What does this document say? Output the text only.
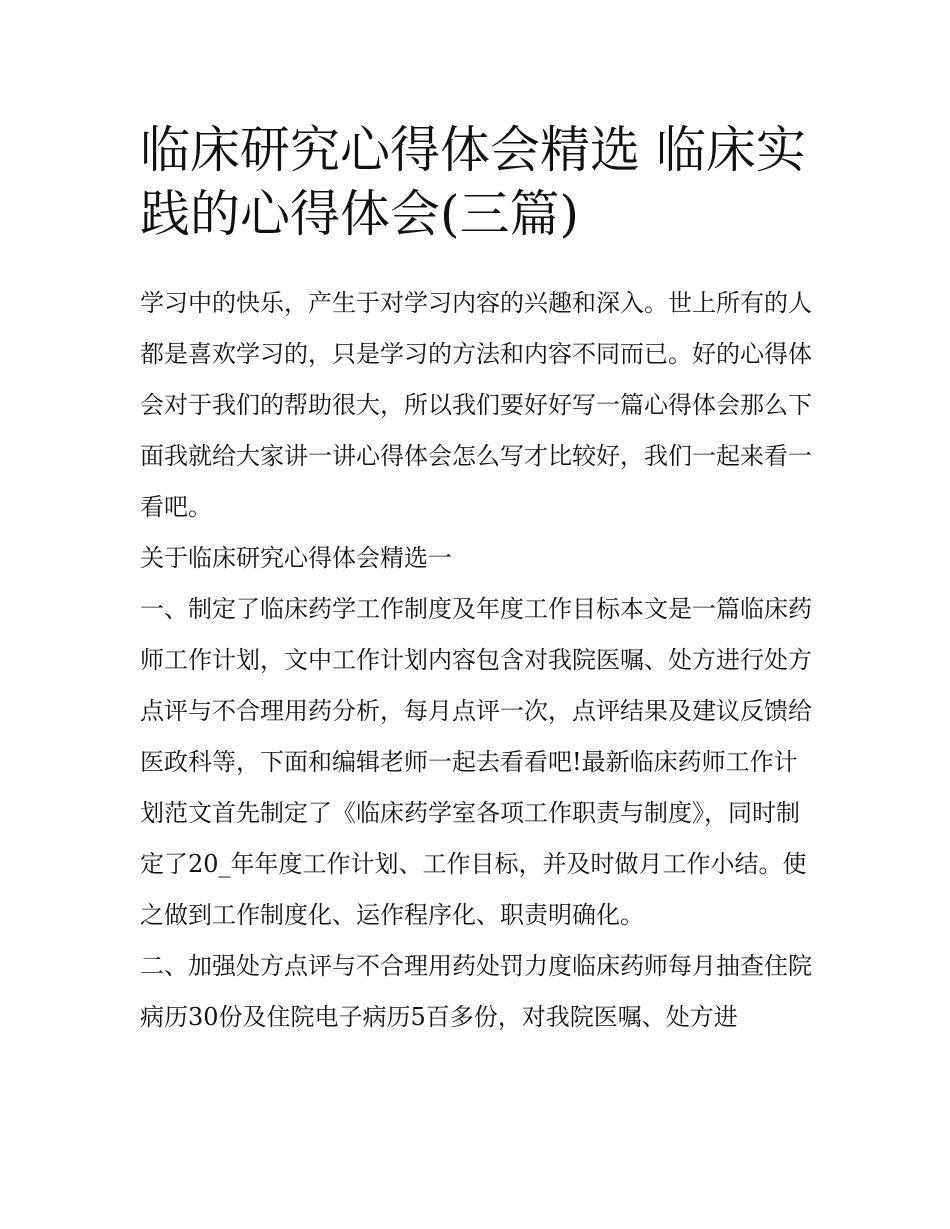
临床研究心得体会精选 临床实践的心得体会(三篇)

学习中的快乐，产生于对学习内容的兴趣和深入。世上所有的人都是喜欢学习的，只是学习的方法和内容不同而已。好的心得体会对于我们的帮助很大，所以我们要好好写一篇心得体会那么下面我就给大家讲一讲心得体会怎么写才比较好，我们一起来看一看吧。

关于临床研究心得体会精选一

一、制定了临床药学工作制度及年度工作目标本文是一篇临床药师工作计划，文中工作计划内容包含对我院医嘱、处方进行处方点评与不合理用药分析，每月点评一次，点评结果及建议反馈给医政科等，下面和编辑老师一起去看看吧!最新临床药师工作计划范文首先制定了《临床药学室各项工作职责与制度》，同时制定了20_年年度工作计划、工作目标，并及时做月工作小结。使之做到工作制度化、运作程序化、职责明确化。

二、加强处方点评与不合理用药处罚力度临床药师每月抽查住院病历30份及住院电子病历5百多份，对我院医嘱、处方进
